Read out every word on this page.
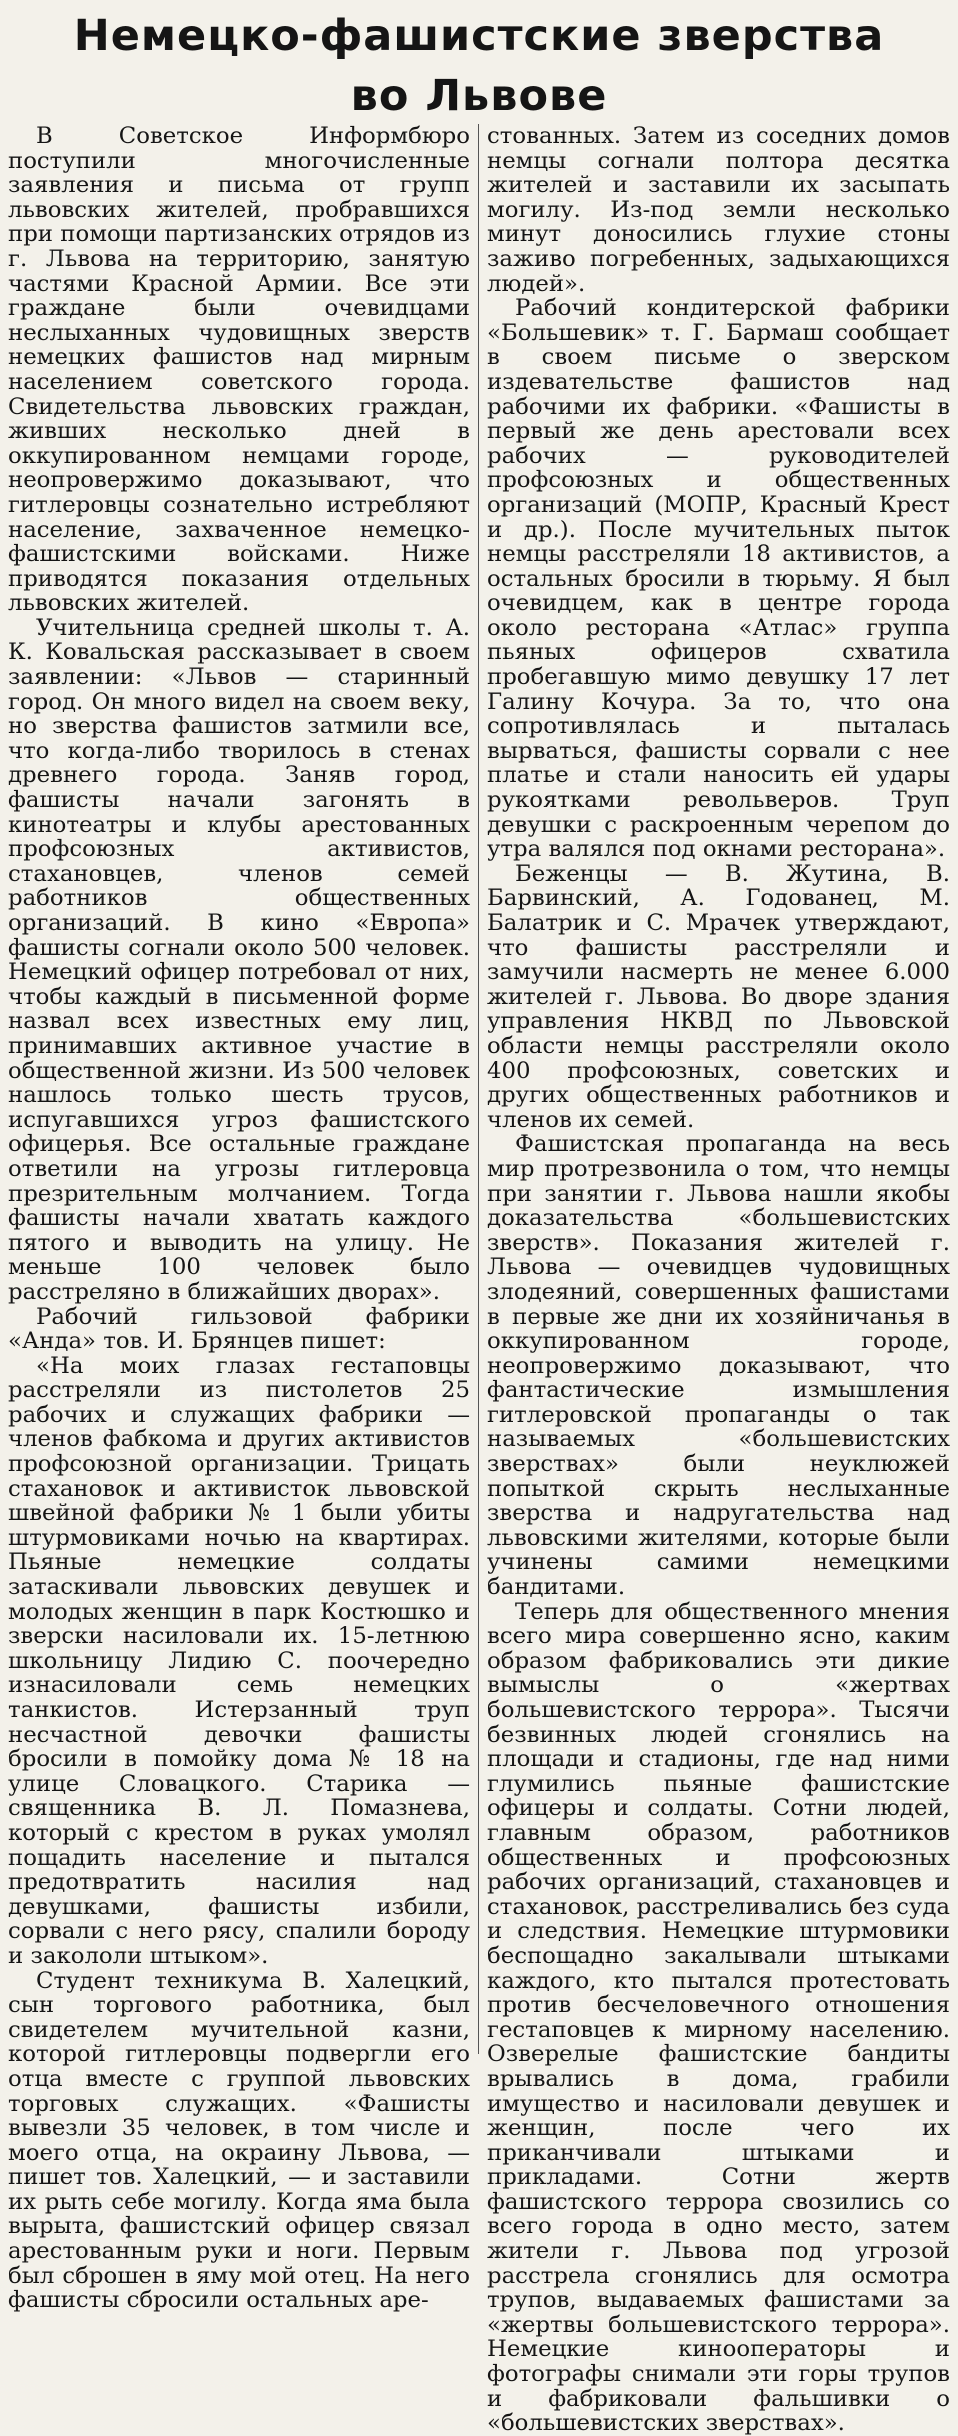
Немецко-фашистские зверства
во Львове

В Советское Информбюро поступили многочисленные заявления и письма от групп львовских жителей, пробравшихся при помощи партизанских отрядов из г. Львова на территорию, занятую частями Красной Армии. Все эти граждане были очевидцами неслыханных чудовищных зверств немецких фашистов над мирным населением советского города. Свидетельства львовских граждан, живших несколько дней в оккупированном немцами городе, неопровержимо доказывают, что гитлеровцы сознательно истребляют население, захваченное немецко-фашистскими войсками. Ниже приводятся показания отдельных львовских жителей.

Учительница средней школы т. А. К. Ковальская рассказывает в своем заявлении: «Львов — старинный город. Он много видел на своем веку, но зверства фашистов затмили все, что когда-либо творилось в стенах древнего города. Заняв город, фашисты начали загонять в кинотеатры и клубы арестованных профсоюзных активистов, стахановцев, членов семей работников общественных организаций. В кино «Европа» фашисты согнали около 500 человек. Немецкий офицер потребовал от них, чтобы каждый в письменной форме назвал всех известных ему лиц, принимавших активное участие в общественной жизни. Из 500 человек нашлось только шесть трусов, испугавшихся угроз фашистского офицерья. Все остальные граждане ответили на угрозы гитлеровца презрительным молчанием. Тогда фашисты начали хватать каждого пятого и выводить на улицу. Не меньше 100 человек было расстреляно в ближайших дворах».

Рабочий гильзовой фабрики «Анда» тов. И. Брянцев пишет:

«На моих глазах гестаповцы расстреляли из пистолетов 25 рабочих и служащих фабрики — членов фабкома и других активистов профсоюзной организации. Трицать стахановок и активисток львовской швейной фабрики № 1 были убиты штурмовиками ночью на квартирах. Пьяные немецкие солдаты затаскивали львовских девушек и молодых женщин в парк Костюшко и зверски насиловали их. 15-летнюю школьницу Лидию С. поочередно изнасиловали семь немецких танкистов. Истерзанный труп несчастной девочки фашисты бросили в помойку дома № 18 на улице Словацкого. Старика — священника В. Л. Помазнева, который с крестом в руках умолял пощадить население и пытался предотвратить насилия над девушками, фашисты избили, сорвали с него рясу, спалили бороду и закололи штыком».

Студент техникума В. Халецкий, сын торгового работника, был свидетелем мучительной казни, которой гитлеровцы подвергли его отца вместе с группой львовских торговых служащих. «Фашисты вывезли 35 человек, в том числе и моего отца, на окраину Львова, — пишет тов. Халецкий, — и заставили их рыть себе могилу. Когда яма была вырыта, фашистский офицер связал арестованным руки и ноги. Первым был сброшен в яму мой отец. На него фашисты сбросили остальных аре-

стованных. Затем из соседних домов немцы согнали полтора десятка жителей и заставили их засыпать могилу. Из-под земли несколько минут доносились глухие стоны заживо погребенных, задыхающихся людей».

Рабочий кондитерской фабрики «Большевик» т. Г. Бармаш сообщает в своем письме о зверском издевательстве фашистов над рабочими их фабрики. «Фашисты в первый же день арестовали всех рабочих — руководителей профсоюзных и общественных организаций (МОПР, Красный Крест и др.). После мучительных пыток немцы расстреляли 18 активистов, а остальных бросили в тюрьму. Я был очевидцем, как в центре города около ресторана «Атлас» группа пьяных офицеров схватила пробегавшую мимо девушку 17 лет Галину Кочура. За то, что она сопротивлялась и пыталась вырваться, фашисты сорвали с нее платье и стали наносить ей удары рукоятками револьверов. Труп девушки с раскроенным черепом до утра валялся под окнами ресторана».

Беженцы — В. Жутина, В. Барвинский, А. Годованец, М. Балатрик и С. Мрачек утверждают, что фашисты расстреляли и замучили насмерть не менее 6.000 жителей г. Львова. Во дворе здания управления НКВД по Львовской области немцы расстреляли около 400 профсоюзных, советских и других общественных работников и членов их семей.

Фашистская пропаганда на весь мир протрезвонила о том, что немцы при занятии г. Львова нашли якобы доказательства «большевистских зверств». Показания жителей г. Львова — очевидцев чудовищных злодеяний, совершенных фашистами в первые же дни их хозяйничанья в оккупированном городе, неопровержимо доказывают, что фантастические измышления гитлеровской пропаганды о так называемых «большевистских зверствах» были неуклюжей попыткой скрыть неслыханные зверства и надругательства над львовскими жителями, которые были учинены самими немецкими бандитами.

Теперь для общественного мнения всего мира совершенно ясно, каким образом фабриковались эти дикие вымыслы о «жертвах большевистского террора». Тысячи безвинных людей сгонялись на площади и стадионы, где над ними глумились пьяные фашистские офицеры и солдаты. Сотни людей, главным образом, работников общественных и профсоюзных рабочих организаций, стахановцев и стахановок, расстреливались без суда и следствия. Немецкие штурмовики беспощадно закалывали штыками каждого, кто пытался протестовать против бесчеловечного отношения гестаповцев к мирному населению. Озверелые фашистские бандиты врывались в дома, грабили имущество и насиловали девушек и женщин, после чего их приканчивали штыками и прикладами. Сотни жертв фашистского террора свозились со всего города в одно место, затем жители г. Львова под угрозой расстрела сгонялись для осмотра трупов, выдаваемых фашистами за «жертвы большевистского террора». Немецкие кинооператоры и фотографы снимали эти горы трупов и фабриковали фальшивки о «большевистских зверствах».
